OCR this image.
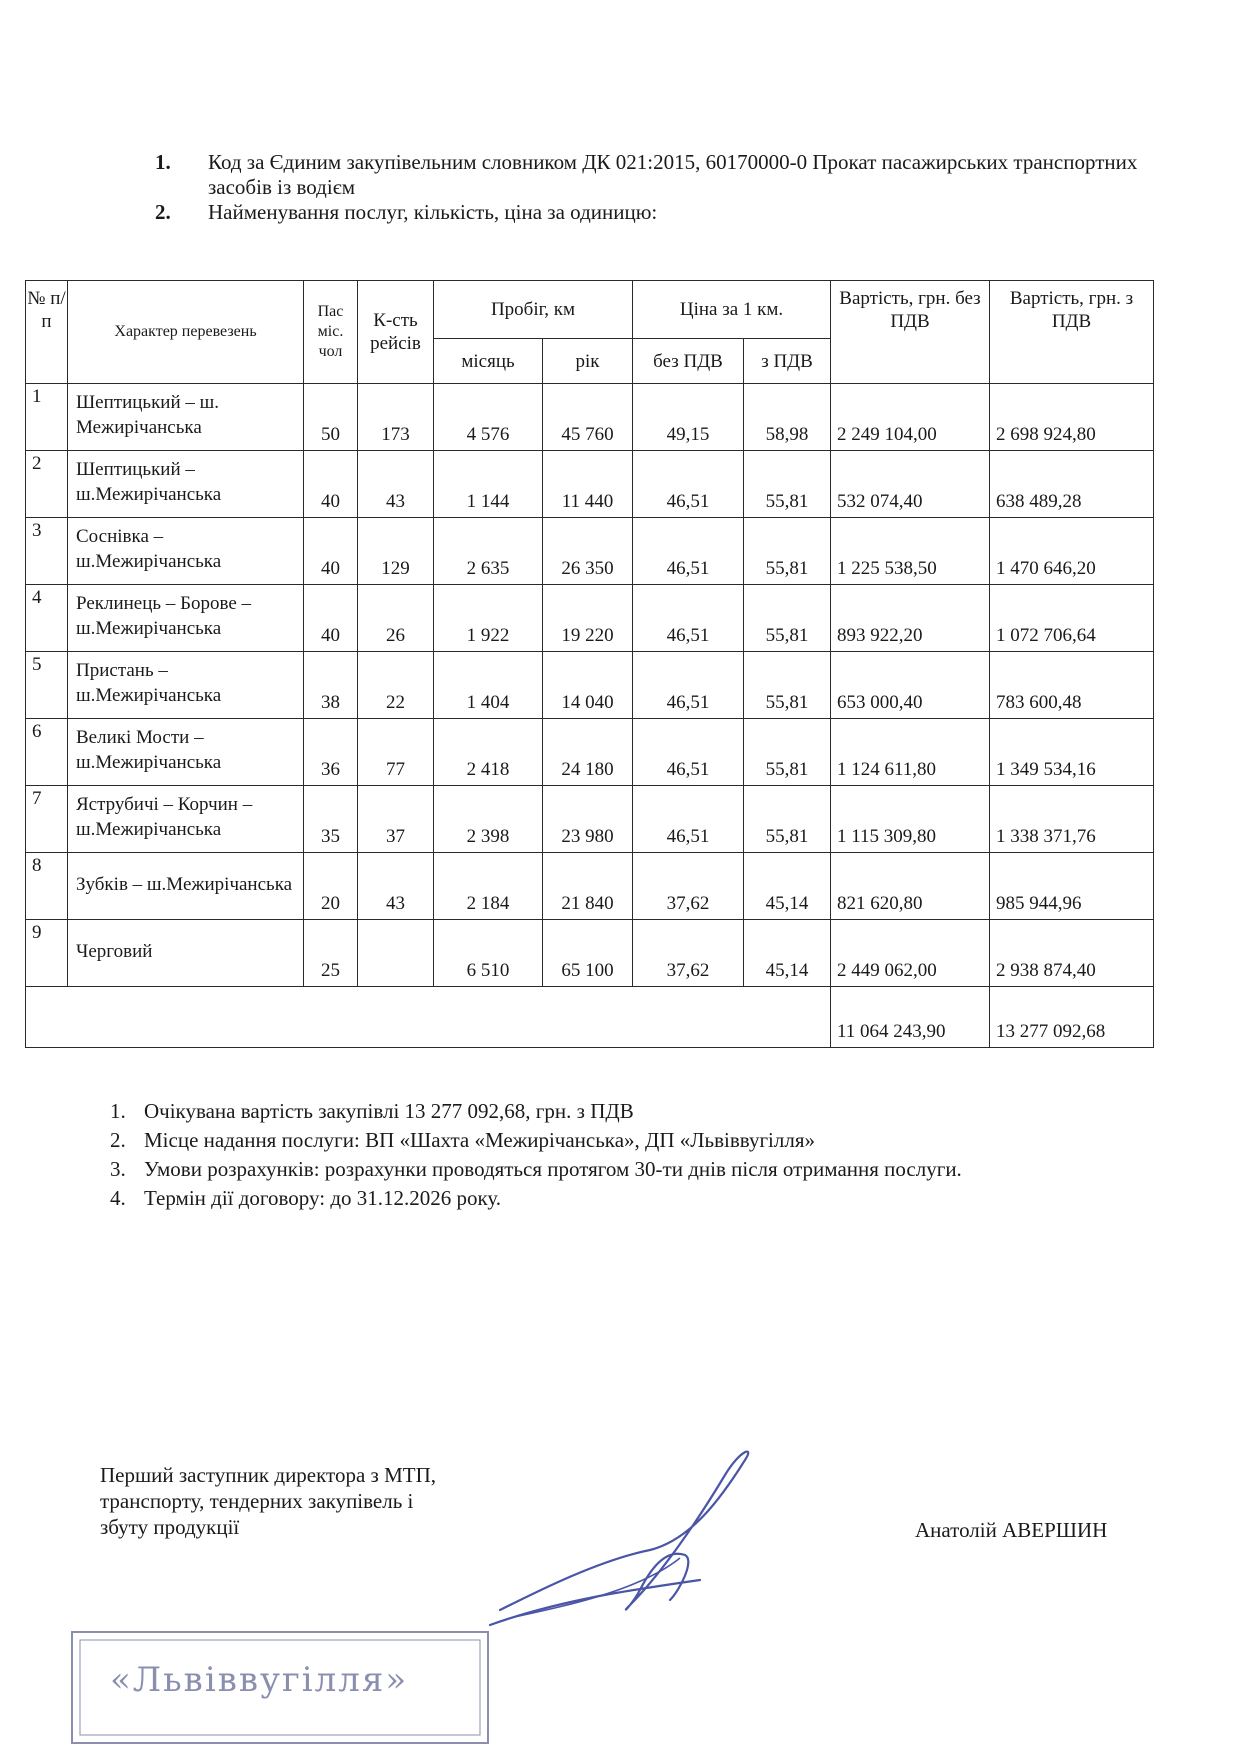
1.	Код за Єдиним закупівельним словником ДК 021:2015, 60170000-0 Прокат пасажирських транспортних засобів із водієм
2.	Найменування послуг, кількість, ціна за одиницю:
№ п/ п	Характер перевезень	Пас міс. чол	К-сть рейсів	Пробіг, км		Ціна за 1 км.		Вартість, грн. без ПДВ	Вартість, грн. з ПДВ
				місяць	рік	без ПДВ	з ПДВ		
1	Шептицький – ш. Межирічанська	50	173	4 576	45 760	49,15	58,98	2 249 104,00	2 698 924,80
2	Шептицький – ш.Межирічанська	40	43	1 144	11 440	46,51	55,81	532 074,40	638 489,28
3	Соснівка – ш.Межирічанська	40	129	2 635	26 350	46,51	55,81	1 225 538,50	1 470 646,20
4	Реклинець – Борове – ш.Межирічанська	40	26	1 922	19 220	46,51	55,81	893 922,20	1 072 706,64
5	Пристань – ш.Межирічанська	38	22	1 404	14 040	46,51	55,81	653 000,40	783 600,48
6	Великі Мости – ш.Межирічанська	36	77	2 418	24 180	46,51	55,81	1 124 611,80	1 349 534,16
7	Яструбичі – Корчин – ш.Межирічанська	35	37	2 398	23 980	46,51	55,81	1 115 309,80	1 338 371,76
8	Зубків – ш.Межирічанська	20	43	2 184	21 840	37,62	45,14	821 620,80	985 944,96
9	Черговий	25		6 510	65 100	37,62	45,14	2 449 062,00	2 938 874,40
								11 064 243,90	13 277 092,68
1. Очікувана вартість закупівлі 13 277 092,68, грн. з ПДВ
2. Місце надання послуги: ВП «Шахта «Межирічанська», ДП «Львіввугілля»
3. Умови розрахунків: розрахунки проводяться протягом 30-ти днів після отримання послуги.
4. Термін дії договору: до 31.12.2026 року.
Перший заступник директора з МТП,
транспорту, тендерних закупівель і
збуту продукції	Анатолій АВЕРШИН
«Львіввугілля»
